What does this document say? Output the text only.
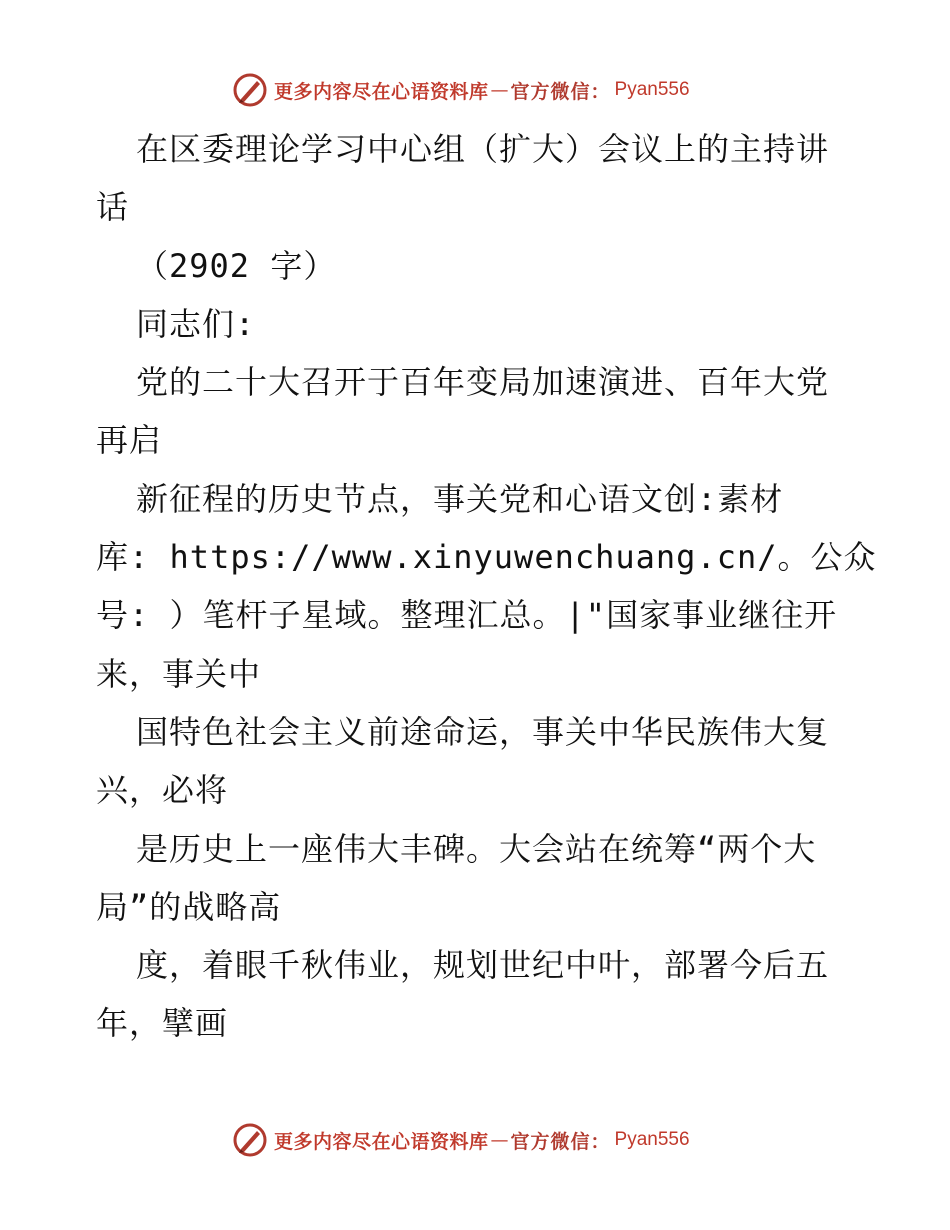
更多内容尽在心语资料库 — 官方微信： Pyan556
在区委理论学习中心组（扩大）会议上的主持讲
话
（2902 字）
同志们:
党的二十大召开于百年变局加速演进、百年大党
再启
新征程的历史节点，事关党和心语文创:素材
库: https://www.xinyuwenchuang.cn/。公众
号: ）笔杆子星域。整理汇总。|"国家事业继往开
来，事关中
国特色社会主义前途命运，事关中华民族伟大复
兴，必将
是历史上一座伟大丰碑。大会站在统筹“两个大
局”的战略高
度，着眼千秋伟业，规划世纪中叶，部署今后五
年，擘画
更多内容尽在心语资料库 — 官方微信： Pyan556
